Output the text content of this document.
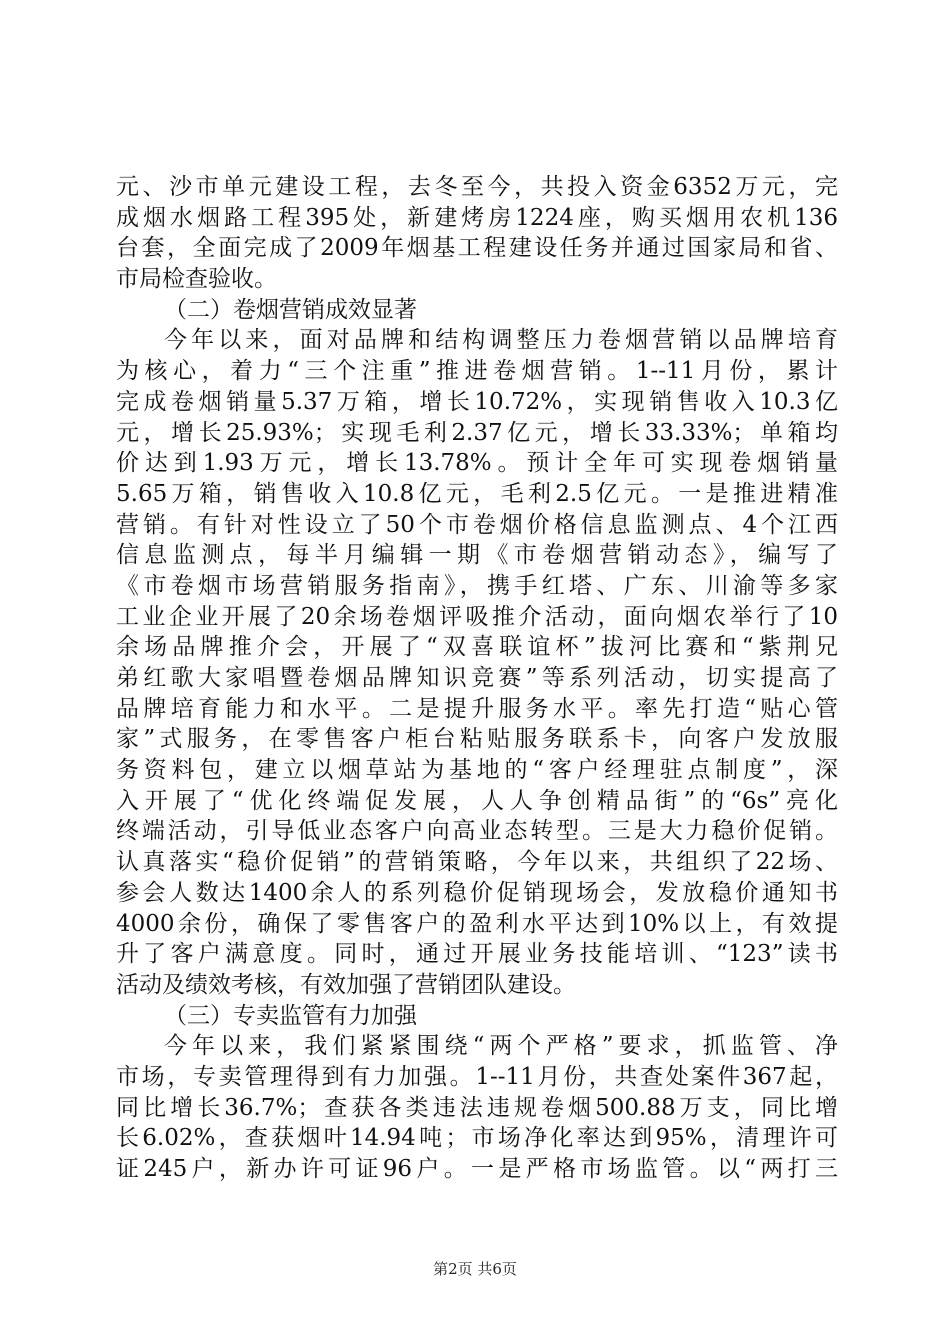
元、沙市单元建设工程，去冬至今，共投入资金6352万元，完
成烟水烟路工程395处，新建烤房1224座，购买烟用农机136
台套，全面完成了2009年烟基工程建设任务并通过国家局和省、
市局检查验收。
（二）卷烟营销成效显著
今年以来，面对品牌和结构调整压力卷烟营销以品牌培育
为核心，着力“三个注重”推进卷烟营销。1--11月份，累计
完成卷烟销量5.37万箱，增长10.72%，实现销售收入10.3亿
元，增长25.93%；实现毛利2.37亿元，增长33.33%；单箱均
价达到1.93万元，增长13.78%。预计全年可实现卷烟销量
5.65万箱，销售收入10.8亿元，毛利2.5亿元。一是推进精准
营销。有针对性设立了50个市卷烟价格信息监测点、4个江西
信息监测点，每半月编辑一期《市卷烟营销动态》，编写了
《市卷烟市场营销服务指南》，携手红塔、广东、川渝等多家
工业企业开展了20余场卷烟评吸推介活动，面向烟农举行了10
余场品牌推介会，开展了“双喜联谊杯”拔河比赛和“紫荆兄
弟红歌大家唱暨卷烟品牌知识竞赛”等系列活动，切实提高了
品牌培育能力和水平。二是提升服务水平。率先打造“贴心管
家”式服务，在零售客户柜台粘贴服务联系卡，向客户发放服
务资料包，建立以烟草站为基地的“客户经理驻点制度”，深
入开展了“优化终端促发展，人人争创精品街”的“6s”亮化
终端活动，引导低业态客户向高业态转型。三是大力稳价促销。
认真落实“稳价促销”的营销策略，今年以来，共组织了22场、
参会人数达1400余人的系列稳价促销现场会，发放稳价通知书
4000余份，确保了零售客户的盈利水平达到10%以上，有效提
升了客户满意度。同时，通过开展业务技能培训、“123”读书
活动及绩效考核，有效加强了营销团队建设。
（三）专卖监管有力加强
今年以来，我们紧紧围绕“两个严格”要求，抓监管、净
市场，专卖管理得到有力加强。1--11月份，共查处案件367起，
同比增长36.7%；查获各类违法违规卷烟500.88万支，同比增
长6.02%，查获烟叶14.94吨；市场净化率达到95%，清理许可
证245户，新办许可证96户。一是严格市场监管。以“两打三
第2页 共6页
